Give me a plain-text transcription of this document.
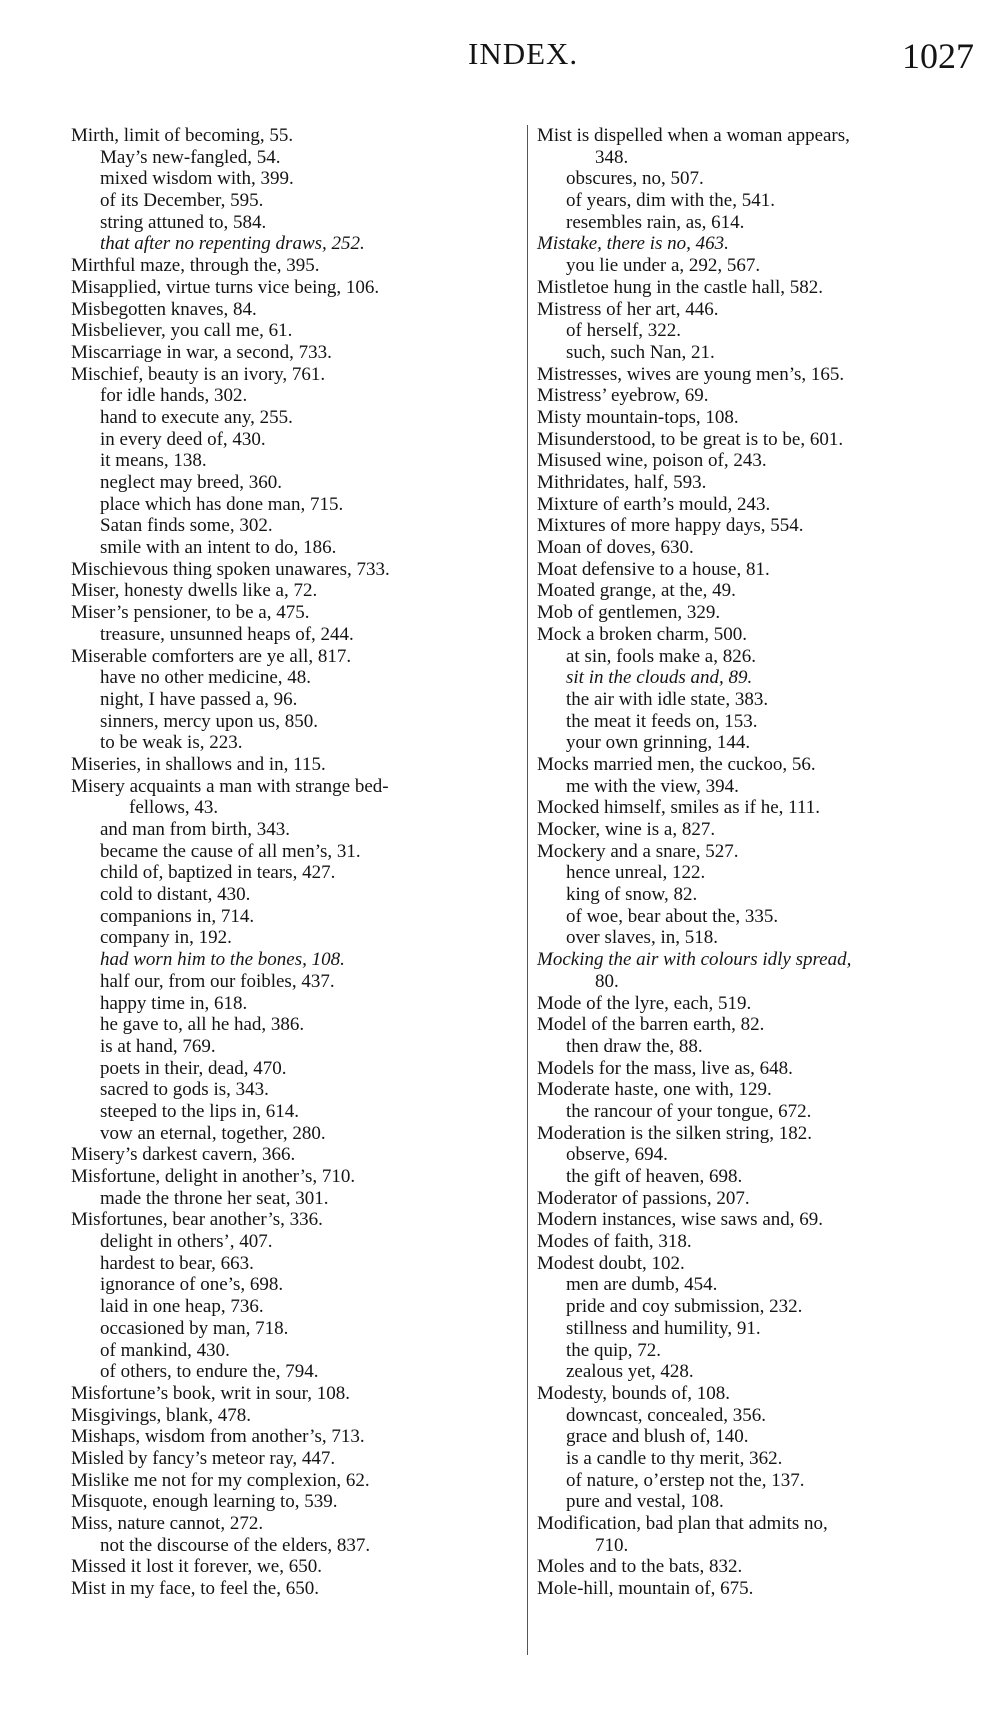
INDEX.	1027
Mirth, limit of becoming, 55.
May’s new-fangled, 54.
mixed wisdom with, 399.
of its December, 595.
string attuned to, 584.
that after no repenting draws, 252.
Mirthful maze, through the, 395.
Misapplied, virtue turns vice being, 106.
Misbegotten knaves, 84.
Misbeliever, you call me, 61.
Miscarriage in war, a second, 733.
Mischief, beauty is an ivory, 761.
for idle hands, 302.
hand to execute any, 255.
in every deed of, 430.
it means, 138.
neglect may breed, 360.
place which has done man, 715.
Satan finds some, 302.
smile with an intent to do, 186.
Mischievous thing spoken unawares, 733.
Miser, honesty dwells like a, 72.
Miser’s pensioner, to be a, 475.
treasure, unsunned heaps of, 244.
Miserable comforters are ye all, 817.
have no other medicine, 48.
night, I have passed a, 96.
sinners, mercy upon us, 850.
to be weak is, 223.
Miseries, in shallows and in, 115.
Misery acquaints a man with strange bed-
fellows, 43.
and man from birth, 343.
became the cause of all men’s, 31.
child of, baptized in tears, 427.
cold to distant, 430.
companions in, 714.
company in, 192.
had worn him to the bones, 108.
half our, from our foibles, 437.
happy time in, 618.
he gave to, all he had, 386.
is at hand, 769.
poets in their, dead, 470.
sacred to gods is, 343.
steeped to the lips in, 614.
vow an eternal, together, 280.
Misery’s darkest cavern, 366.
Misfortune, delight in another’s, 710.
made the throne her seat, 301.
Misfortunes, bear another’s, 336.
delight in others’, 407.
hardest to bear, 663.
ignorance of one’s, 698.
laid in one heap, 736.
occasioned by man, 718.
of mankind, 430.
of others, to endure the, 794.
Misfortune’s book, writ in sour, 108.
Misgivings, blank, 478.
Mishaps, wisdom from another’s, 713.
Misled by fancy’s meteor ray, 447.
Mislike me not for my complexion, 62.
Misquote, enough learning to, 539.
Miss, nature cannot, 272.
not the discourse of the elders, 837.
Missed it lost it forever, we, 650.
Mist in my face, to feel the, 650.
Mist is dispelled when a woman appears,
348.
obscures, no, 507.
of years, dim with the, 541.
resembles rain, as, 614.
Mistake, there is no, 463.
you lie under a, 292, 567.
Mistletoe hung in the castle hall, 582.
Mistress of her art, 446.
of herself, 322.
such, such Nan, 21.
Mistresses, wives are young men’s, 165.
Mistress’ eyebrow, 69.
Misty mountain-tops, 108.
Misunderstood, to be great is to be, 601.
Misused wine, poison of, 243.
Mithridates, half, 593.
Mixture of earth’s mould, 243.
Mixtures of more happy days, 554.
Moan of doves, 630.
Moat defensive to a house, 81.
Moated grange, at the, 49.
Mob of gentlemen, 329.
Mock a broken charm, 500.
at sin, fools make a, 826.
sit in the clouds and, 89.
the air with idle state, 383.
the meat it feeds on, 153.
your own grinning, 144.
Mocks married men, the cuckoo, 56.
me with the view, 394.
Mocked himself, smiles as if he, 111.
Mocker, wine is a, 827.
Mockery and a snare, 527.
hence unreal, 122.
king of snow, 82.
of woe, bear about the, 335.
over slaves, in, 518.
Mocking the air with colours idly spread,
80.
Mode of the lyre, each, 519.
Model of the barren earth, 82.
then draw the, 88.
Models for the mass, live as, 648.
Moderate haste, one with, 129.
the rancour of your tongue, 672.
Moderation is the silken string, 182.
observe, 694.
the gift of heaven, 698.
Moderator of passions, 207.
Modern instances, wise saws and, 69.
Modes of faith, 318.
Modest doubt, 102.
men are dumb, 454.
pride and coy submission, 232.
stillness and humility, 91.
the quip, 72.
zealous yet, 428.
Modesty, bounds of, 108.
downcast, concealed, 356.
grace and blush of, 140.
is a candle to thy merit, 362.
of nature, o’erstep not the, 137.
pure and vestal, 108.
Modification, bad plan that admits no,
710.
Moles and to the bats, 832.
Mole-hill, mountain of, 675.
